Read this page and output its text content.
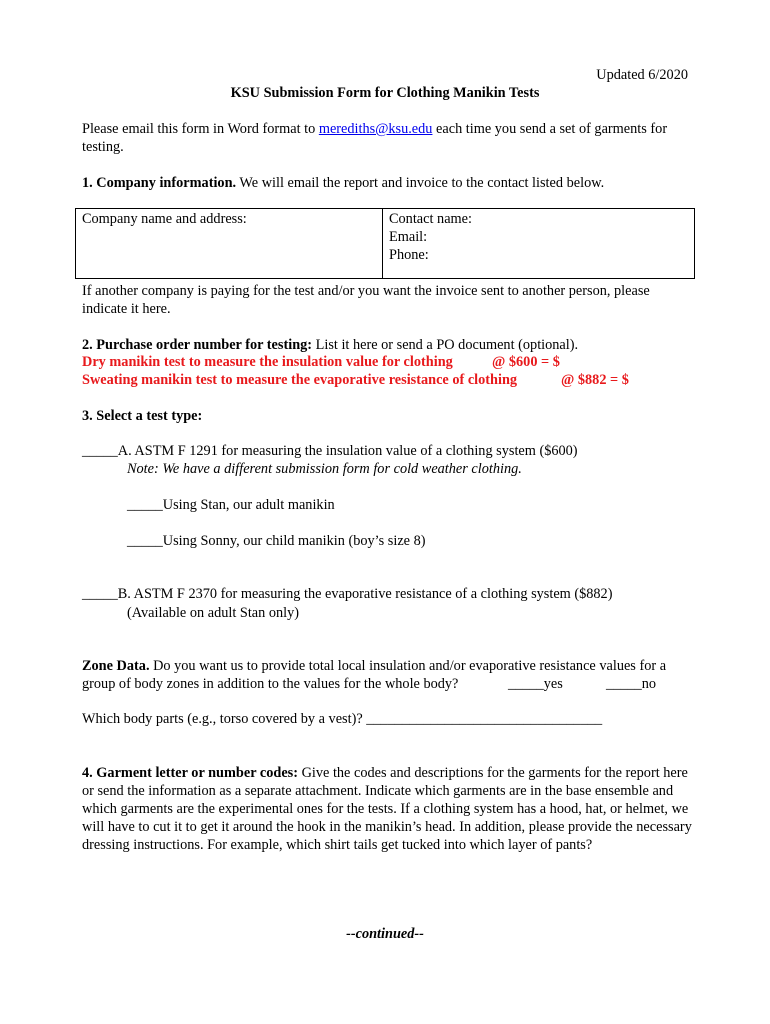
Updated 6/2020

KSU Submission Form for Clothing Manikin Tests

Please email this form in Word format to merediths@ksu.edu each time you send a set of garments for testing.

1. Company information. We will email the report and invoice to the contact listed below.

Company name and address:	Contact name:
Email:
Phone:

If another company is paying for the test and/or you want the invoice sent to another person, please indicate it here.

2. Purchase order number for testing: List it here or send a PO document (optional).

Dry manikin test to measure the insulation value for clothing	@ $600 = $

Sweating manikin test to measure the evaporative resistance of clothing	@ $882 = $

3. Select a test type:

_____A. ASTM F 1291 for measuring the insulation value of a clothing system ($600)

Note: We have a different submission form for cold weather clothing.

_____Using Stan, our adult manikin

_____Using Sonny, our child manikin (boy’s size 8)

_____B. ASTM F 2370 for measuring the evaporative resistance of a clothing system ($882)

(Available on adult Stan only)

Zone Data. Do you want us to provide total local insulation and/or evaporative resistance values for a group of body zones in addition to the values for the whole body?	_____yes	_____no

Which body parts (e.g., torso covered by a vest)? _________________________________

4. Garment letter or number codes: Give the codes and descriptions for the garments for the report here or send the information as a separate attachment. Indicate which garments are in the base ensemble and which garments are the experimental ones for the tests. If a clothing system has a hood, hat, or helmet, we will have to cut it to get it around the hook in the manikin’s head. In addition, please provide the necessary dressing instructions. For example, which shirt tails get tucked into which layer of pants?

--continued--
